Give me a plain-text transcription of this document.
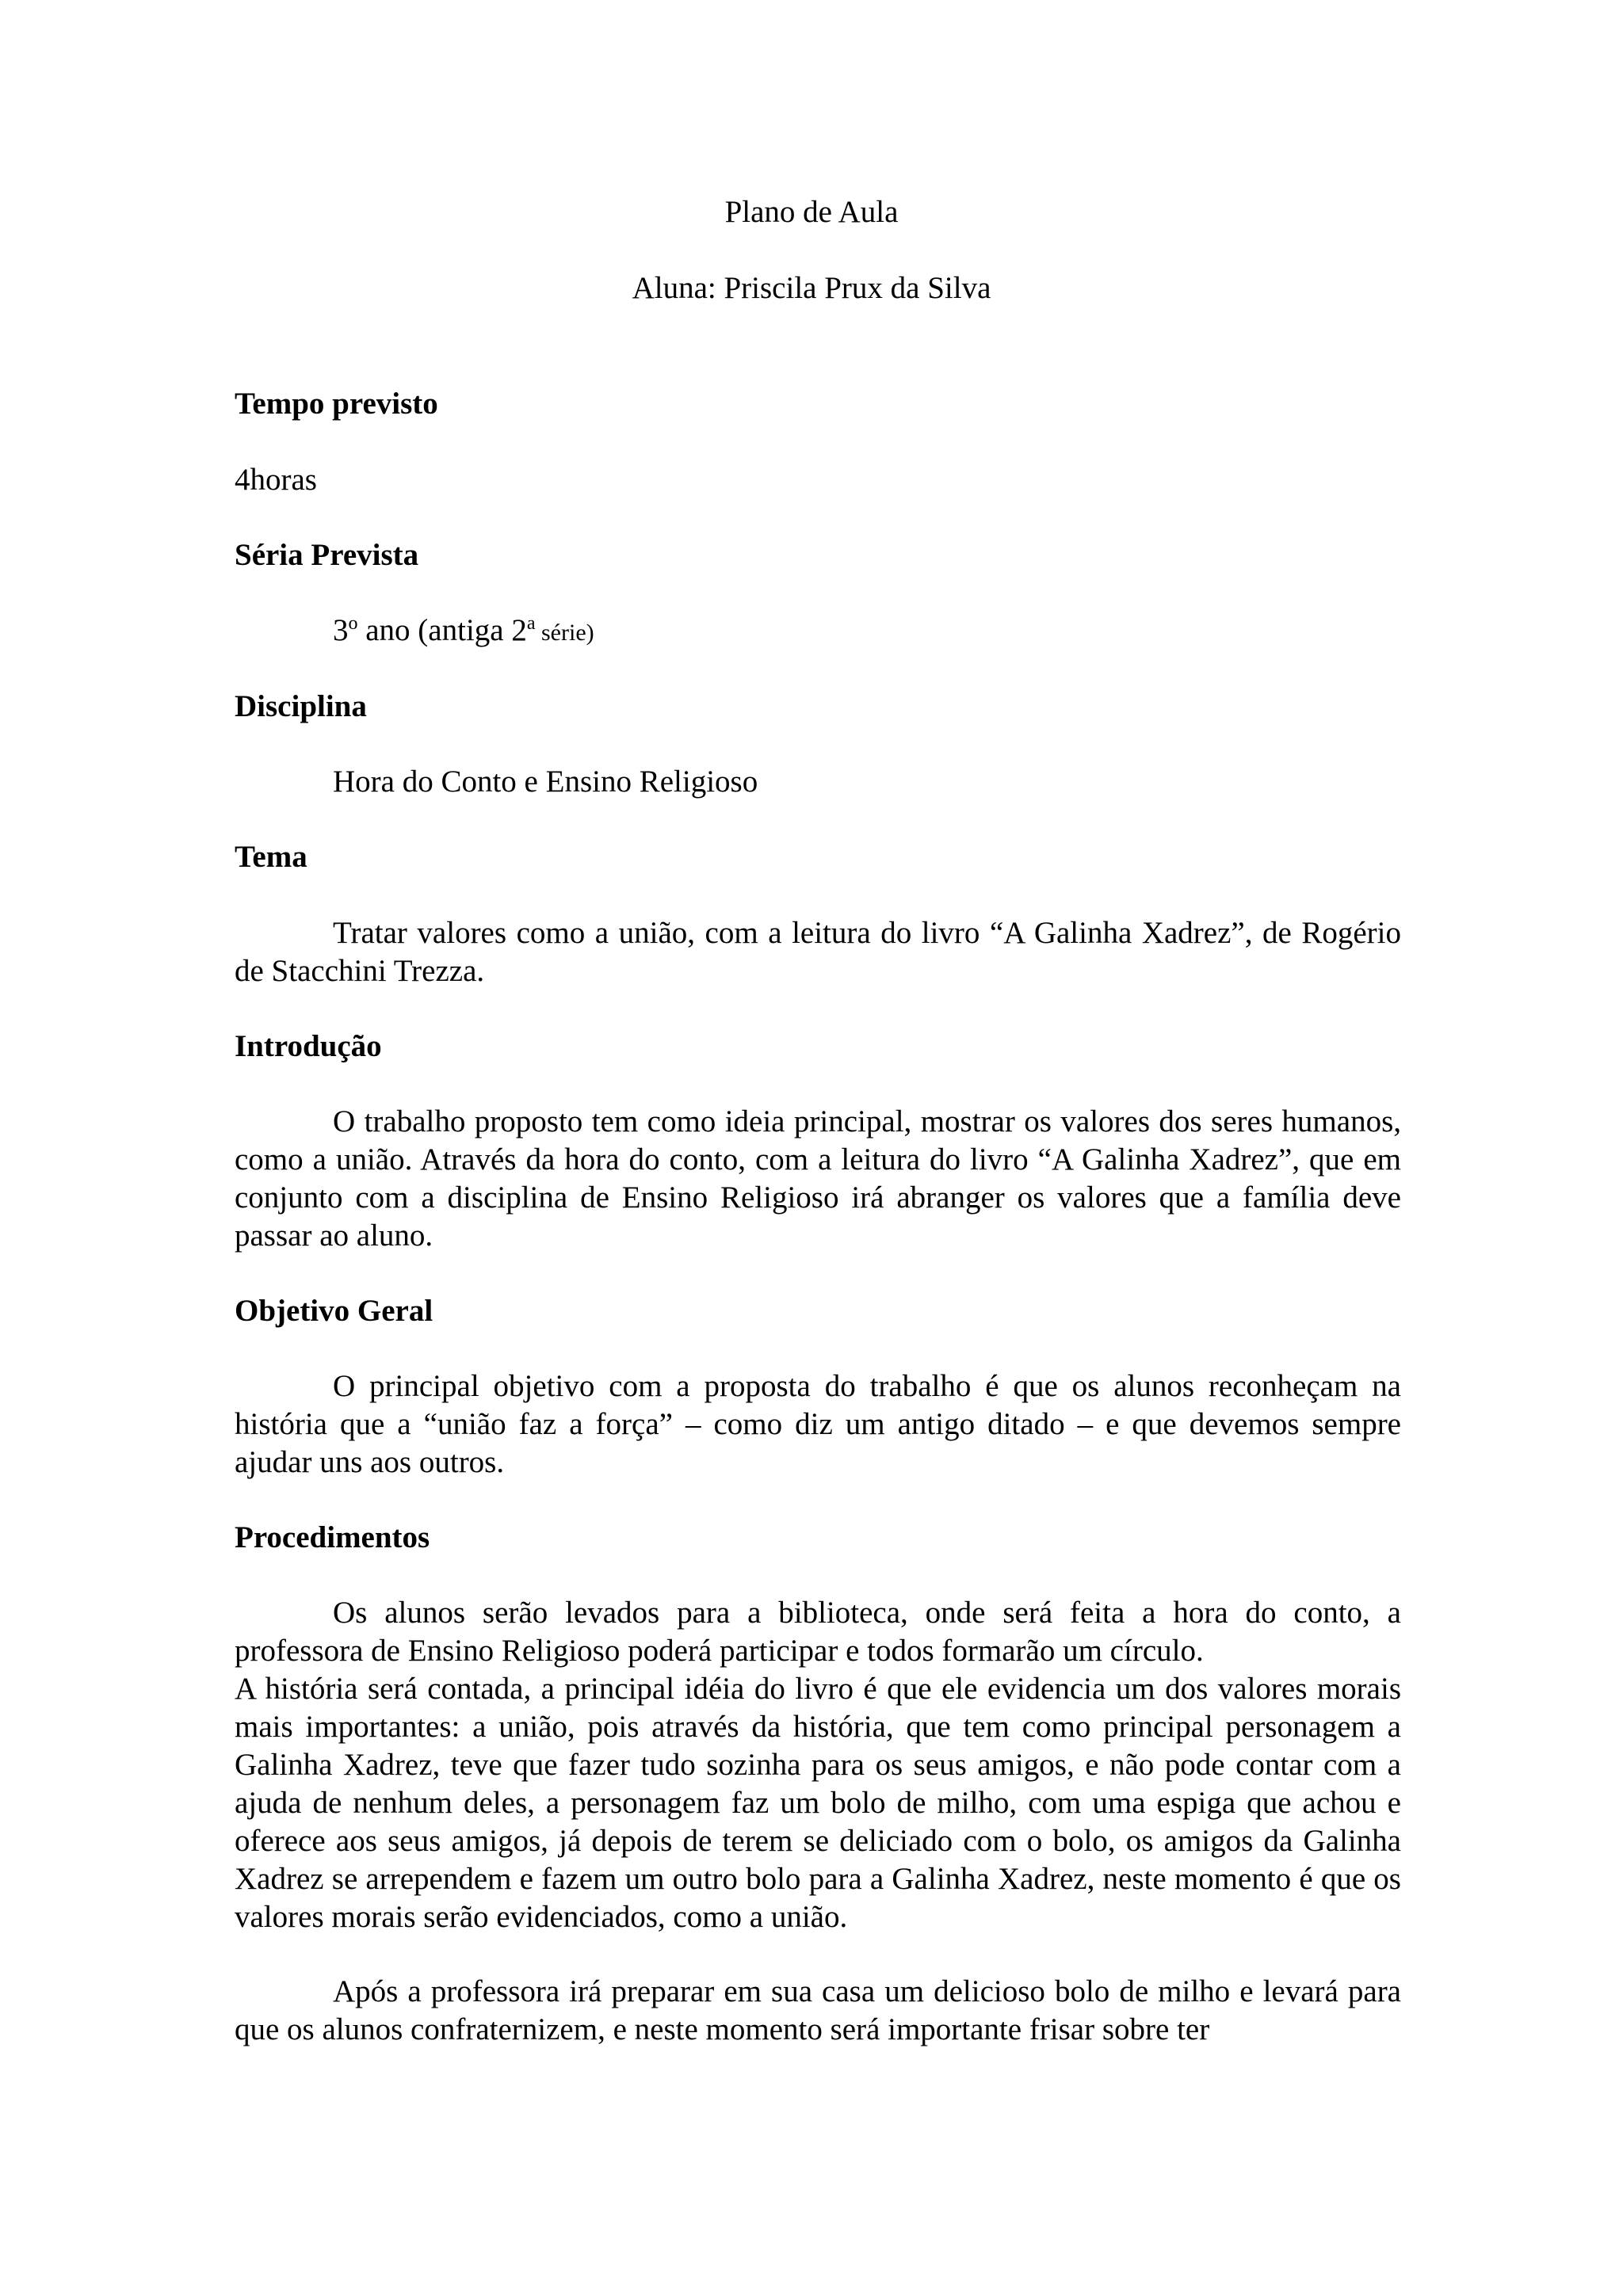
Plano de Aula

Aluna: Priscila Prux da Silva

Tempo previsto

4horas

Séria Prevista

3$^o$ ano (antiga 2$^a$ série)

Disciplina

Hora do Conto e Ensino Religioso

Tema

Tratar valores como a união, com a leitura do livro “A Galinha Xadrez”, de Rogério de Stacchini Trezza.

Introdução

O trabalho proposto tem como ideia principal, mostrar os valores dos seres humanos, como a união. Através da hora do conto, com a leitura do livro “A Galinha Xadrez”, que em conjunto com a disciplina de Ensino Religioso irá abranger os valores que a família deve passar ao aluno.

Objetivo Geral

O principal objetivo com a proposta do trabalho é que os alunos reconheçam na história que a “união faz a força” – como diz um antigo ditado – e que devemos sempre ajudar uns aos outros.

Procedimentos

Os alunos serão levados para a biblioteca, onde será feita a hora do conto, a professora de Ensino Religioso poderá participar e todos formarão um círculo.

A história será contada, a principal idéia do livro é que ele evidencia um dos valores morais mais importantes: a união, pois através da história, que tem como principal personagem a Galinha Xadrez, teve que fazer tudo sozinha para os seus amigos, e não pode contar com a ajuda de nenhum deles, a personagem faz um bolo de milho, com uma espiga que achou e oferece aos seus amigos, já depois de terem se deliciado com o bolo, os amigos da Galinha Xadrez se arrependem e fazem um outro bolo para a Galinha Xadrez, neste momento é que os valores morais serão evidenciados, como a união.

Após a professora irá preparar em sua casa um delicioso bolo de milho e levará para que os alunos confraternizem, e neste momento será importante frisar sobre ter
